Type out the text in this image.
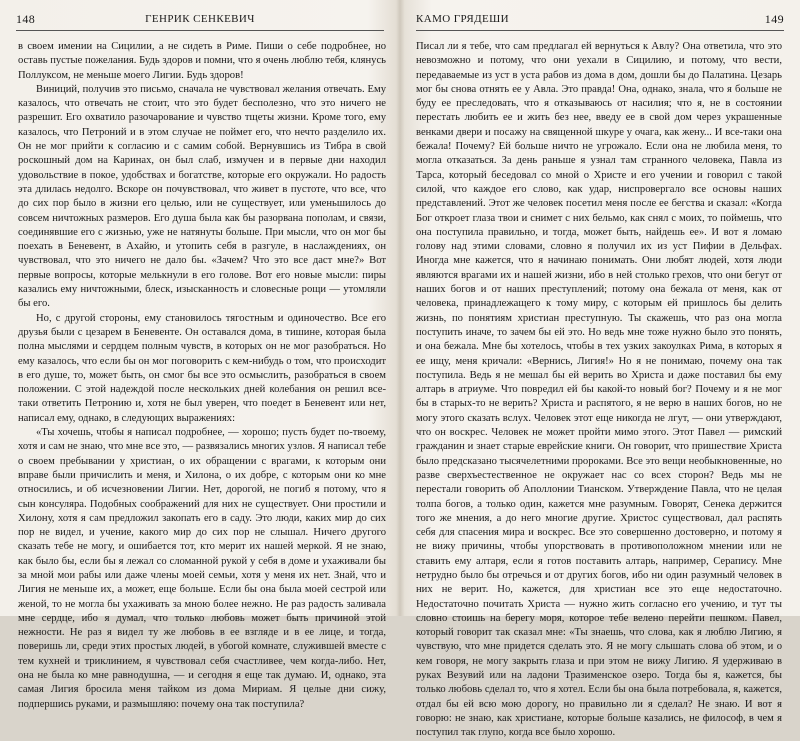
148	ГЕНРИК СЕНКЕВИЧ

в своем имении на Сицилии, а не сидеть в Риме. Пиши о себе подробнее, но оставь пустые пожелания. Будь здоров и помни, что я очень люблю тебя, клянусь Поллуксом, не меньше моего Лигии. Будь здоров!

Виниций, получив это письмо, сначала не чувствовал желания отвечать. Ему казалось, что отвечать не стоит, что это будет бесполезно, что это ничего не разрешит. Его охватило разочарование и чувство тщеты жизни. Кроме того, ему казалось, что Петроний и в этом случае не поймет его, что нечто разделило их. Он не мог прийти к согласию и с самим собой. Вернувшись из Тибра в свой роскошный дом на Каринах, он был слаб, измучен и в первые дни находил удовольствие в покое, удобствах и богатстве, которые его окружали. Но радость эта длилась недолго. Вскоре он почувствовал, что живет в пустоте, что все, что до сих пор было в жизни его целью, или не существует, или уменьшилось до совсем ничтожных размеров. Его душа была как бы разорвана пополам, и связи, соединявшие его с жизнью, уже не натянуты больше. При мысли, что он мог бы поехать в Беневент, в Ахайю, и утопить себя в разгуле, в наслаждениях, он чувствовал, что это ничего не дало бы. «Зачем? Что это все даст мне?» Вот первые вопросы, которые мелькнули в его голове. Вот его новые мысли: пиры казались ему ничтожными, блеск, изысканность и словесные рощи — утомляли бы его.

Но, с другой стороны, ему становилось тягостным и одиночество. Все его друзья были с цезарем в Беневенте. Он оставался дома, в тишине, которая была полна мыслями и сердцем полным чувств, в которых он не мог разобраться. Но ему казалось, что если бы он мог поговорить с кем-нибудь о том, что происходит в его душе, то, может быть, он смог бы все это осмыслить, разобраться в своем положении. С этой надеждой после нескольких дней колебания он решил все-таки ответить Петронию и, хотя не был уверен, что поедет в Беневент или нет, написал ему, однако, в следующих выражениях:

«Ты хочешь, чтобы я написал подробнее, — хорошо; пусть будет по-твоему, хотя и сам не знаю, что мне все это, — развязались многих узлов. Я написал тебе о своем пребывании у христиан, о их обращении с врагами, к которым они вправе были причислить и меня, и Хилона, о их добре, с которым они ко мне относились, и об исчезновении Лигии. Нет, дорогой, не погиб я потому, что я сын консуляра. Подобных соображений для них не существует. Они простили и Хилону, хотя я сам предложил закопать его в саду. Это люди, каких мир до сих пор не видел, и учение, какого мир до сих пор не слышал. Ничего другого сказать тебе не могу, и ошибается тот, кто мерит их нашей меркой. Я не знаю, как было бы, если бы я лежал со сломанной рукой у себя в доме и ухаживали бы за мной мои рабы или даже члены моей семьи, хотя у меня их нет. Знай, что и Лигия не меньше их, а может, еще больше. Если бы она была моей сестрой или женой, то не могла бы ухаживать за мною более нежно. Не раз радость заливала мне сердце, ибо я думал, что только любовь может быть причиной этой нежности. Не раз я видел ту же любовь в ее взгляде и в ее лице, и тогда, поверишь ли, среди этих простых людей, в убогой комнате, служившей вместе с тем кухней и триклинием, я чувствовал себя счастливее, чем когда-либо. Нет, она не была ко мне равнодушна, — и сегодня я еще так думаю. И, однако, эта самая Лигия бросила меня тайком из дома Мириам. Я целые дни сижу, подпершись руками, и размышляю: почему она так поступила?

КАМО ГРЯДЕШИ	149

Писал ли я тебе, что сам предлагал ей вернуться к Авлу? Она ответила, что это невозможно и потому, что они уехали в Сицилию, и потому, что вести, передаваемые из уст в уста рабов из дома в дом, дошли бы до Палатина. Цезарь мог бы снова отнять ее у Авла. Это правда! Она, однако, знала, что я больше не буду ее преследовать, что я отказываюсь от насилия; что я, не в состоянии перестать любить ее и жить без нее, введу ее в свой дом через украшенные венками двери и посажу на священной шкуре у очага, как жену... И все-таки она бежала! Почему? Ей больше ничто не угрожало. Если она не любила меня, то могла отказаться. За день раньше я узнал там странного человека, Павла из Тарса, который беседовал со мной о Христе и его учении и говорил с такой силой, что каждое его слово, как удар, ниспровергало все основы наших представлений. Этот же человек посетил меня после ее бегства и сказал: «Когда Бог откроет глаза твои и снимет с них бельмо, как снял с моих, то поймешь, что она поступила правильно, и тогда, может быть, найдешь ее». И вот я ломаю голову над этими словами, словно я получил их из уст Пифии в Дельфах. Иногда мне кажется, что я начинаю понимать. Они любят людей, хотя люди являются врагами их и нашей жизни, ибо в ней столько грехов, что они бегут от наших богов и от наших преступлений; потому она бежала от меня, как от человека, принадлежащего к тому миру, с которым ей пришлось бы делить жизнь, по понятиям христиан преступную. Ты скажешь, что раз она могла поступить иначе, то зачем бы ей это. Но ведь мне тоже нужно было это понять, и она бежала. Мне бы хотелось, чтобы в тех узких закоулках Рима, в которых я ее ищу, меня кричали: «Вернись, Лигия!» Но я не понимаю, почему она так поступила. Ведь я не мешал бы ей верить во Христа и даже поставил бы ему алтарь в атриуме. Что повредил ей бы какой-то новый бог? Почему и я не мог бы в старых-то не верить? Христа и распятого, я не верю в наших богов, но не могу этого сказать вслух. Человек этот еще никогда не лгут, — они утверждают, что он воскрес. Человек не может пройти мимо этого. Этот Павел — римский гражданин и знает старые еврейские книги. Он говорит, что пришествие Христа было предсказано тысячелетними пророками. Все это вещи необыкновенные, но разве сверхъестественное не окружает нас со всех сторон? Ведь мы не перестали говорить об Аполлонии Тианском. Утверждение Павла, что не целая толпа богов, а только один, кажется мне разумным. Говорят, Сенека держится того же мнения, а до него многие другие. Христос существовал, дал распять себя для спасения мира и воскрес. Все это совершенно достоверно, и потому я не вижу причины, чтобы упорствовать в противоположном мнении или не ставить ему алтаря, если я готов поставить алтарь, например, Серапису. Мне нетрудно было бы отречься и от других богов, ибо ни один разумный человек в них не верит. Но, кажется, для христиан все это еще недостаточно. Недостаточно почитать Христа — нужно жить согласно его учению, и тут ты словно стоишь на берегу моря, которое тебе велено перейти пешком. Павел, который говорит так сказал мне: «Ты знаешь, что слова, как я люблю Лигию, я чувствую, что мне придется сделать это. Я не могу слышать слова об этом, и о кем говоря, не могу закрыть глаза и при этом не вижу Лигию. Я удерживаю в руках Везувий или на ладони Тразименское озеро. Тогда бы я, кажется, бы только любовь сделал то, что я хотел. Если бы она была потребовала, я, кажется, отдал бы ей всю мою дорогу, но правильно ли я сделал? Не знаю. И вот я говорю: не знаю, как христиане, которые больше казались, не философ, в чем я поступил так глупо, когда все было хорошо.
